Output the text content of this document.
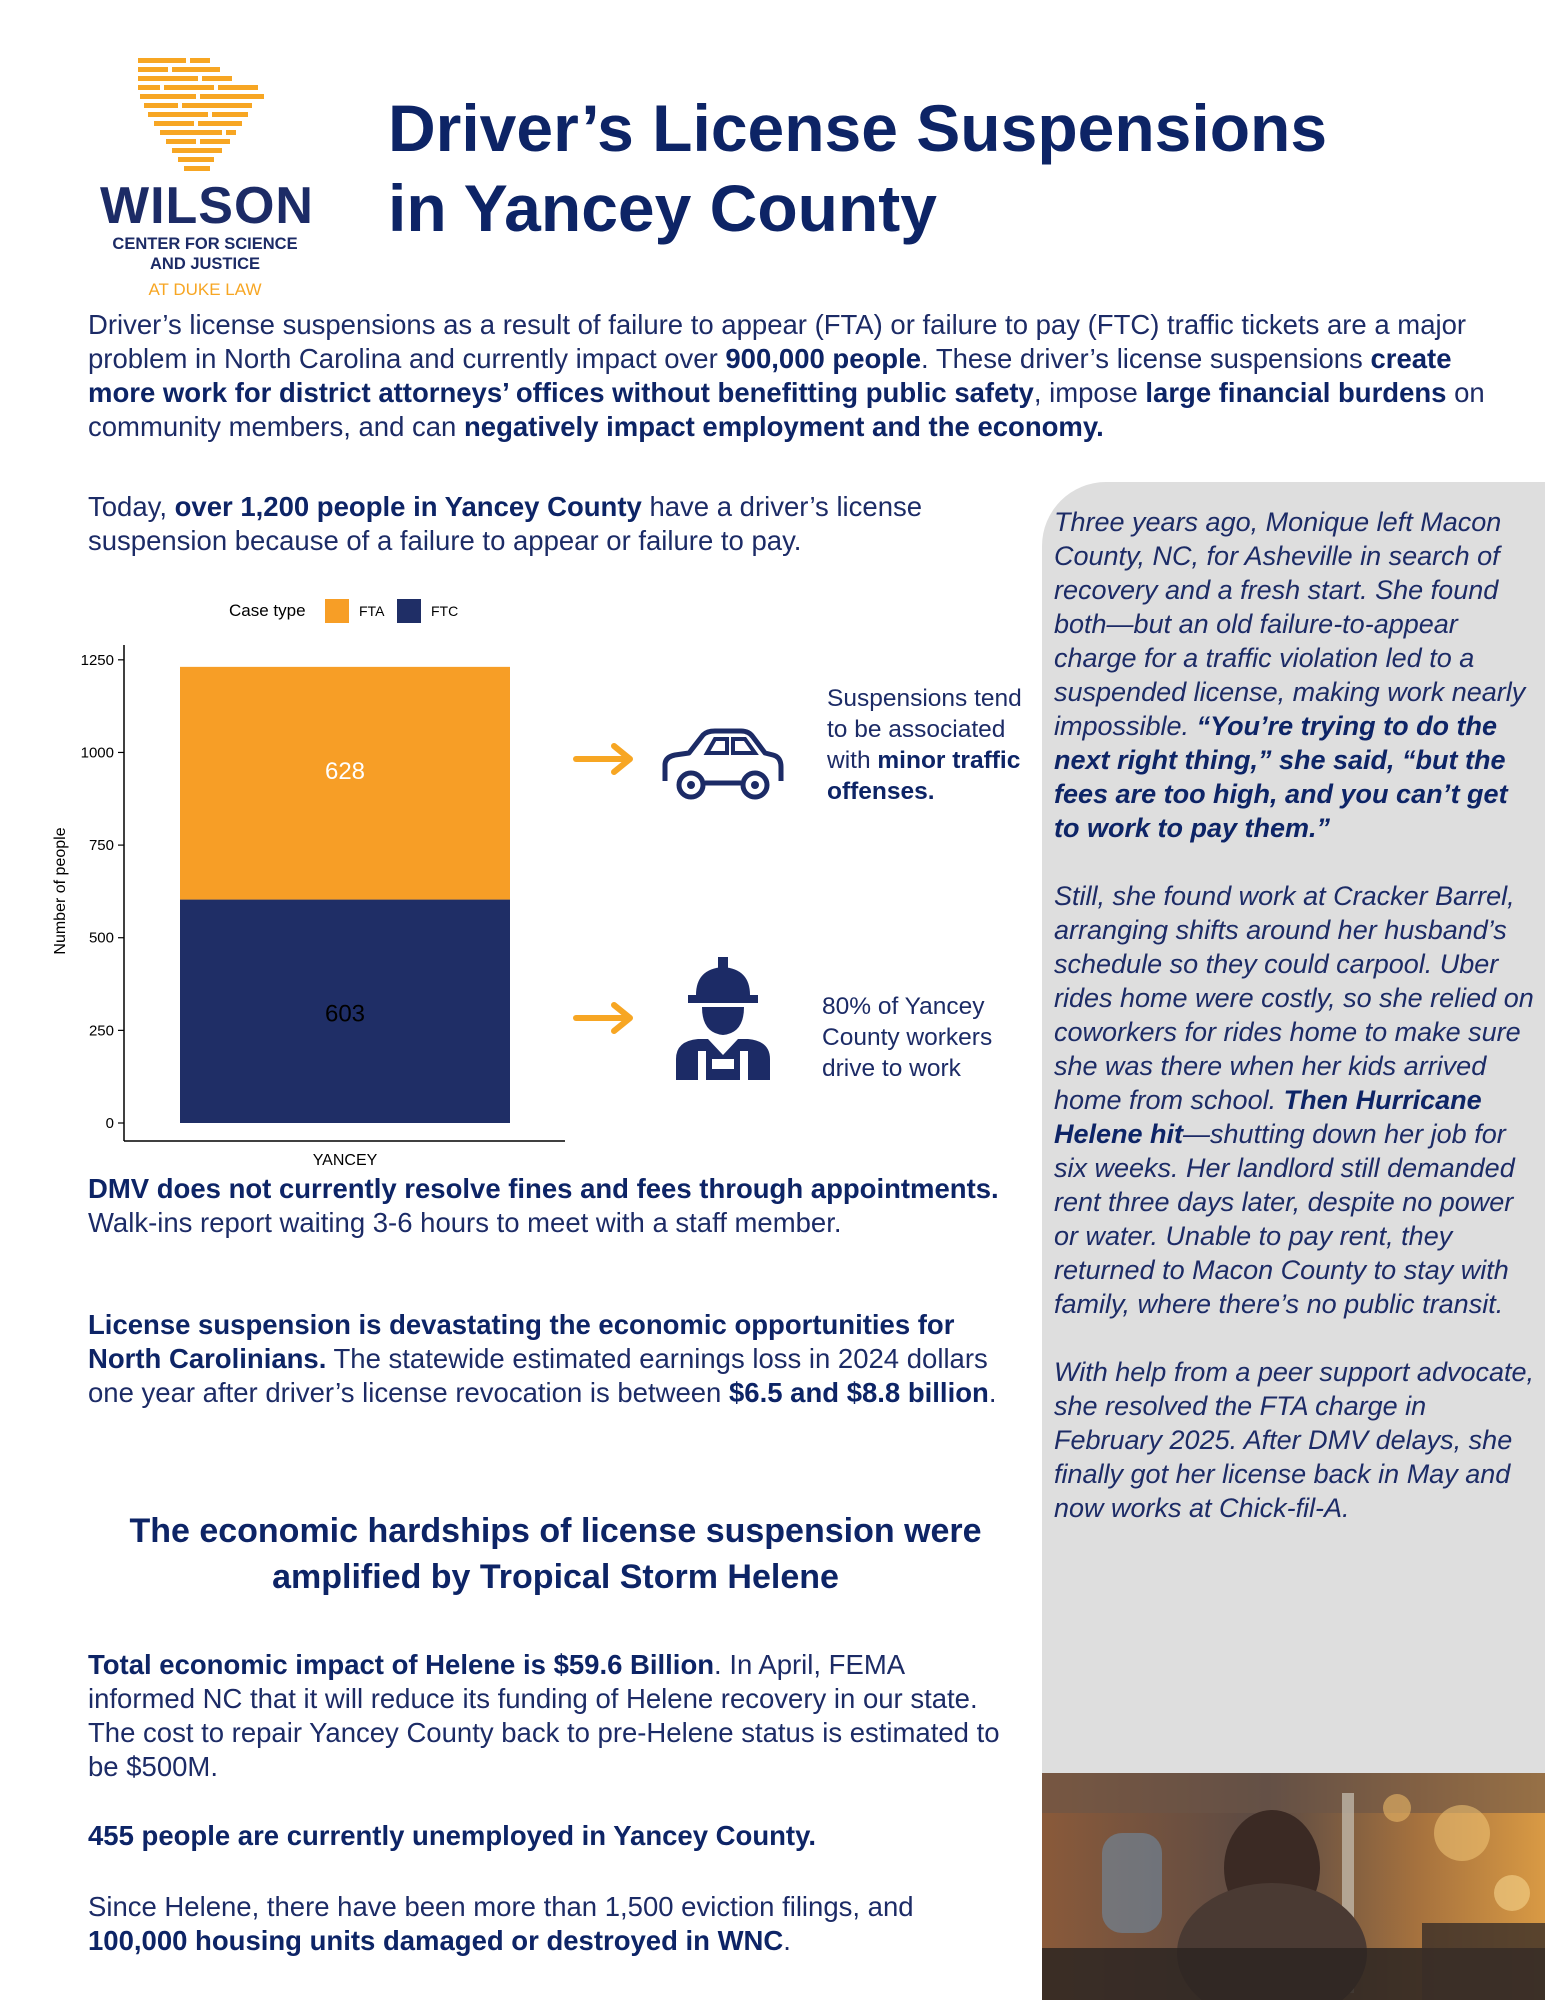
WILSON
CENTER FOR SCIENCE
AND JUSTICE
AT DUKE LAW
Driver’s License Suspensions
in Yancey County

Driver’s license suspensions as a result of failure to appear (FTA) or failure to pay (FTC) traffic tickets are a major problem in North Carolina and currently impact over 900,000 people. These driver’s license suspensions create more work for district attorneys’ offices without benefitting public safety, impose large financial burdens on community members, and can negatively impact employment and the economy.

Today, over 1,200 people in Yancey County have a driver’s license suspension because of a failure to appear or failure to pay.

Three years ago, Monique left Macon County, NC, for Asheville in search of recovery and a fresh start. She found both—but an old failure-to-appear charge for a traffic violation led to a suspended license, making work nearly impossible. “You’re trying to do the next right thing,” she said, “but the fees are too high, and you can’t get to work to pay them.”

Still, she found work at Cracker Barrel, arranging shifts around her husband’s schedule so they could carpool. Uber rides home were costly, so she relied on coworkers for rides home to make sure she was there when her kids arrived home from school. Then Hurricane Helene hit—shutting down her job for six weeks. Her landlord still demanded rent three days later, despite no power or water. Unable to pay rent, they returned to Macon County to stay with family, where there’s no public transit.

With help from a peer support advocate, she resolved the FTA charge in February 2025. After DMV delays, she finally got her license back in May and now works at Chick-fil-A.

Case type	FTA	FTC
0
250
500
750
1000
1250
603
628
YANCEY
Number of people

Suspensions tend to be associated with minor traffic offenses.

80% of Yancey County workers drive to work

DMV does not currently resolve fines and fees through appointments. Walk-ins report waiting 3-6 hours to meet with a staff member.

License suspension is devastating the economic opportunities for North Carolinians. The statewide estimated earnings loss in 2024 dollars one year after driver’s license revocation is between $6.5 and $8.8 billion.

The economic hardships of license suspension were amplified by Tropical Storm Helene

Total economic impact of Helene is $59.6 Billion. In April, FEMA informed NC that it will reduce its funding of Helene recovery in our state. The cost to repair Yancey County back to pre-Helene status is estimated to be $500M.

455 people are currently unemployed in Yancey County.

Since Helene, there have been more than 1,500 eviction filings, and 100,000 housing units damaged or destroyed in WNC.
